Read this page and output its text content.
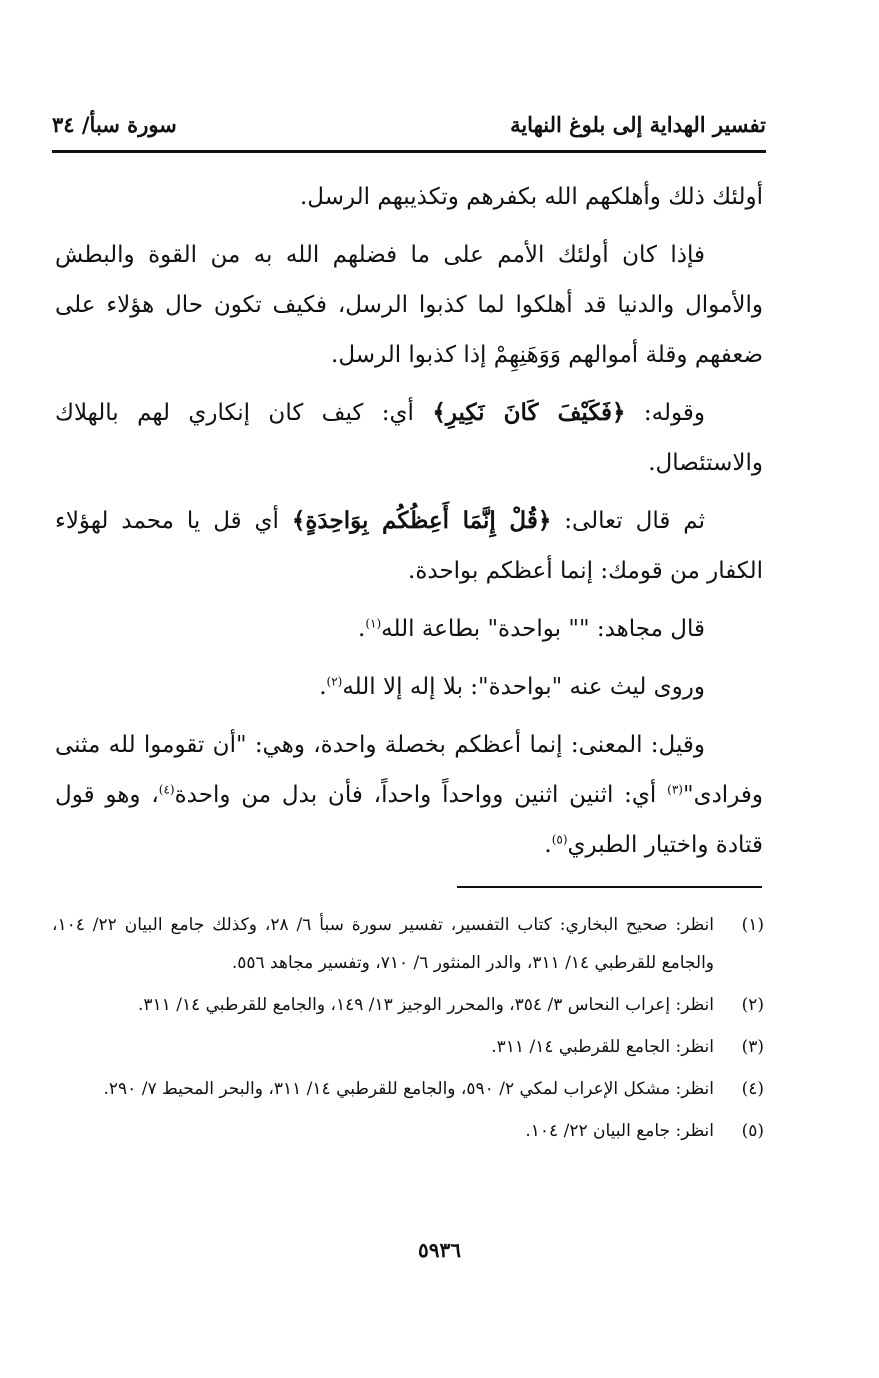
تفسير الهداية إلى بلوغ النهاية
سورة سبأ/ ٣٤

أولئك ذلك وأهلكهم الله بكفرهم وتكذيبهم الرسل.

فإذا كان أولئك الأمم على ما فضلهم الله به من القوة والبطش والأموال والدنيا قد أهلكوا لما كذبوا الرسل، فكيف تكون حال هؤلاء على ضعفهم وقلة أموالهم وَوَهَنِهِمْ إذا كذبوا الرسل.

وقوله: ﴿فَكَيْفَ كَانَ نَكِيرِ﴾ أي: كيف كان إنكاري لهم بالهلاك والاستئصال.

ثم قال تعالى: ﴿قُلْ إِنَّمَا أَعِظُكُم بِوَاحِدَةٍ﴾ أي قل يا محمد لهؤلاء الكفار من قومك: إنما أعظكم بواحدة.

قال مجاهد: "" بواحدة" بطاعة الله$^{(١)}$.

وروى ليث عنه "بواحدة": بلا إله إلا الله$^{(٢)}$.

وقيل: المعنى: إنما أعظكم بخصلة واحدة، وهي: "أن تقوموا لله مثنى وفرادى"$^{(٣)}$ أي: اثنين اثنين وواحداً واحداً، فأن بدل من واحدة$^{(٤)}$، وهو قول قتادة واختيار الطبري$^{(٥)}$.

(١)
انظر: صحيح البخاري: كتاب التفسير، تفسير سورة سبأ ٦/ ٢٨، وكذلك جامع البيان ٢٢/ ١٠٤، والجامع للقرطبي ١٤/ ٣١١، والدر المنثور ٦/ ٧١٠، وتفسير مجاهد ٥٥٦.
(٢)
انظر: إعراب النحاس ٣/ ٣٥٤، والمحرر الوجيز ١٣/ ١٤٩، والجامع للقرطبي ١٤/ ٣١١.
(٣)
انظر: الجامع للقرطبي ١٤/ ٣١١.
(٤)
انظر: مشكل الإعراب لمكي ٢/ ٥٩٠، والجامع للقرطبي ١٤/ ٣١١، والبحر المحيط ٧/ ٢٩٠.
(٥)
انظر: جامع البيان ٢٢/ ١٠٤.
٥٩٣٦
